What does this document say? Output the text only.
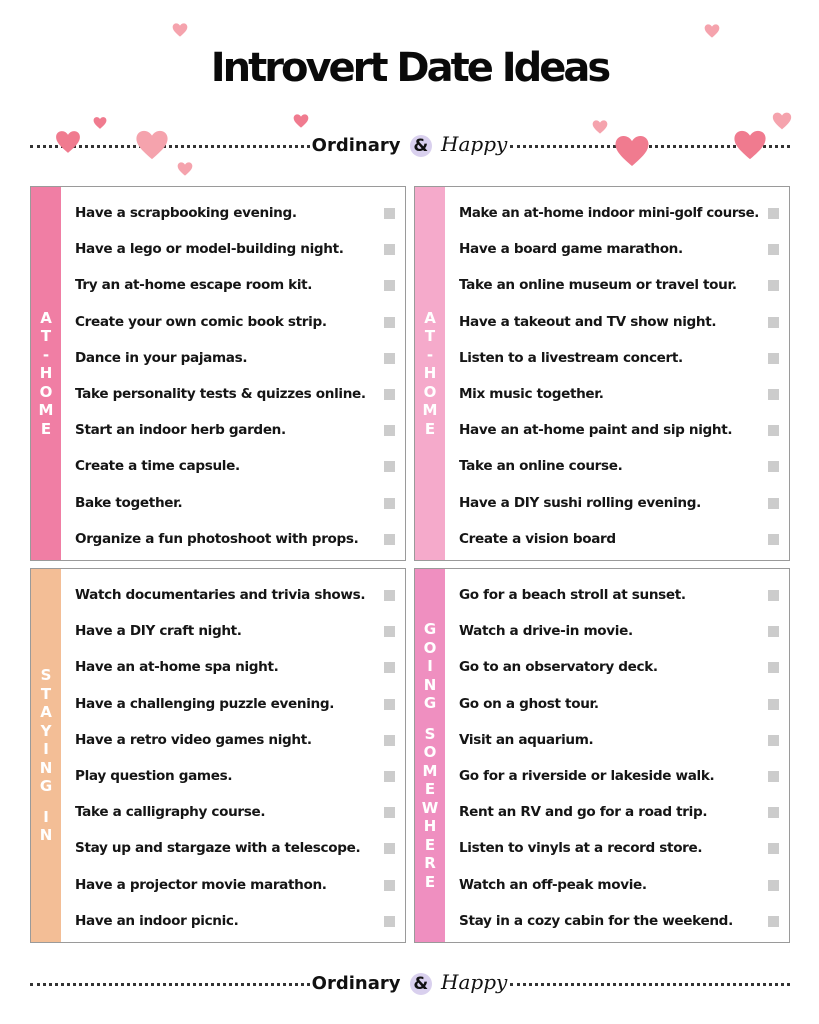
Introvert Date Ideas
Ordinary & Happy
A
T
-
H
O
M
E
Have a scrapbooking evening.
Have a lego or model-building night.
Try an at-home escape room kit.
Create your own comic book strip.
Dance in your pajamas.
Take personality tests & quizzes online.
Start an indoor herb garden.
Create a time capsule.
Bake together.
Organize a fun photoshoot with props.
A
T
-
H
O
M
E
Make an at-home indoor mini-golf course.
Have a board game marathon.
Take an online museum or travel tour.
Have a takeout and TV show night.
Listen to a livestream concert.
Mix music together.
Have an at-home paint and sip night.
Take an online course.
Have a DIY sushi rolling evening.
Create a vision board
S
T
A
Y
I
N
G
I
N
Watch documentaries and trivia shows.
Have a DIY craft night.
Have an at-home spa night.
Have a challenging puzzle evening.
Have a retro video games night.
Play question games.
Take a calligraphy course.
Stay up and stargaze with a telescope.
Have a projector movie marathon.
Have an indoor picnic.
G
O
I
N
G
S
O
M
E
W
H
E
R
E
Go for a beach stroll at sunset.
Watch a drive-in movie.
Go to an observatory deck.
Go on a ghost tour.
Visit an aquarium.
Go for a riverside or lakeside walk.
Rent an RV and go for a road trip.
Listen to vinyls at a record store.
Watch an off-peak movie.
Stay in a cozy cabin for the weekend.
Ordinary & Happy
